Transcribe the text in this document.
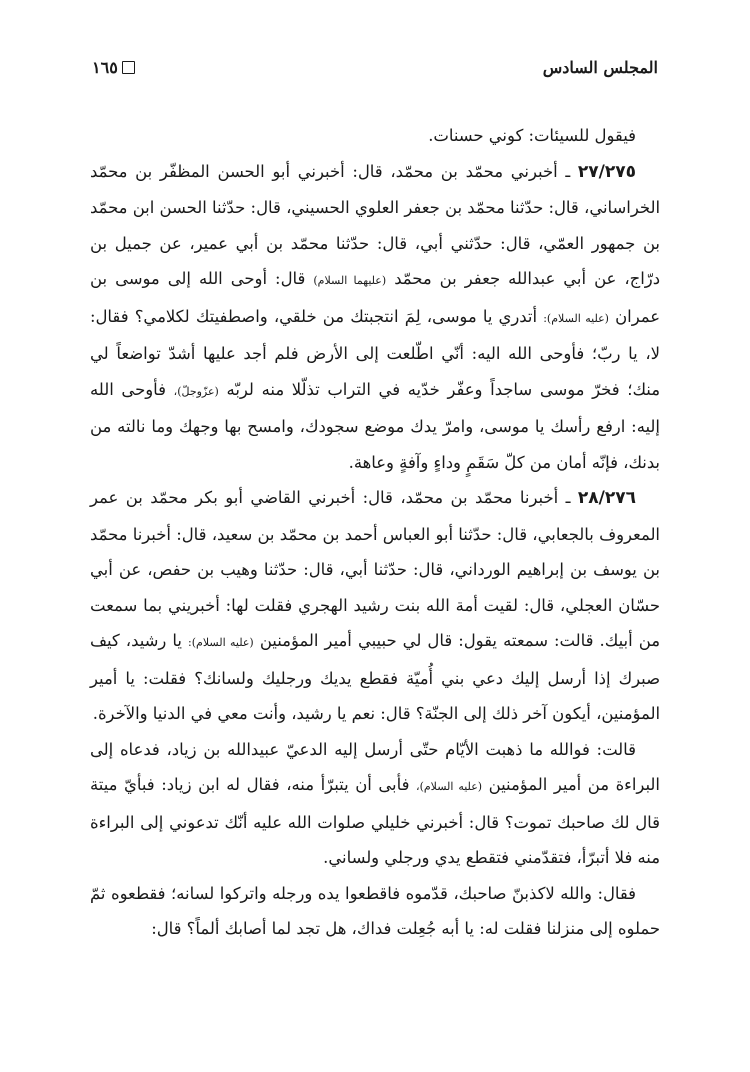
المجلس السادس
١٦٥

فيقول للسيئات: كوني حسنات.

٢٧/٢٧٥ ـ أخبرني محمّد بن محمّد، قال: أخبرني أبو الحسن المظفّر بن محمّد الخراساني، قال: حدّثنا محمّد بن جعفر العلوي الحسيني، قال: حدّثنا الحسن ابن محمّد بن جمهور العمّي، قال: حدّثني أبي، قال: حدّثنا محمّد بن أبي عمير، عن جميل بن درّاج، عن أبي عبدالله جعفر بن محمّد (عليهما السلام) قال: أوحى الله إلى موسى بن عمران (عليه السلام): أتدري يا موسى، لِمَ انتجبتك من خلقي، واصطفيتك لكلامي؟ فقال: لا، يا ربّ؛ فأوحى الله اليه: أنّي اطّلعت إلى الأرض فلم أجد عليها أشدّ تواضعاً لي منك؛ فخرّ موسى ساجداً وعفّر خدّيه في التراب تذلّلا منه لربّه (عزّوجلّ)، فأوحى الله إليه: ارفع رأسك يا موسى، وامرّ يدك موضع سجودك، وامسح بها وجهك وما نالته من بدنك، فإنّه أمان من كلّ سَقَمٍ وداءٍ وآفةٍ وعاهة.

٢٨/٢٧٦ ـ أخبرنا محمّد بن محمّد، قال: أخبرني القاضي أبو بكر محمّد بن عمر المعروف بالجعابي، قال: حدّثنا أبو العباس أحمد بن محمّد بن سعيد، قال: أخبرنا محمّد بن يوسف بن إبراهيم الورداني، قال: حدّثنا أبي، قال: حدّثنا وهيب بن حفص، عن أبي حسّان العجلي، قال: لقيت أمة الله بنت رشيد الهجري فقلت لها: أخبريني بما سمعت من أبيك. قالت: سمعته يقول: قال لي حبيبي أمير المؤمنين (عليه السلام): يا رشيد، كيف صبرك إذا أرسل إليك دعي بني أُميّة فقطع يديك ورجليك ولسانك؟ فقلت: يا أمير المؤمنين، أيكون آخر ذلك إلى الجنّة؟ قال: نعم يا رشيد، وأنت معي في الدنيا والآخرة.

قالت: فوالله ما ذهبت الأيّام حتّى أرسل إليه الدعيّ عبيدالله بن زياد، فدعاه إلى البراءة من أمير المؤمنين (عليه السلام)، فأبى أن يتبرّأ منه، فقال له ابن زياد: فبأيّ ميتة قال لك صاحبك تموت؟ قال: أخبرني خليلي صلوات الله عليه أنّك تدعوني إلى البراءة منه فلا أتبرّأ، فتقدّمني فتقطع يدي ورجلي ولساني.

فقال: والله لاكذبنّ صاحبك، قدّموه فاقطعوا يده ورجله واتركوا لسانه؛ فقطعوه ثمّ حملوه إلى منزلنا فقلت له: يا أبه جُعِلت فداك، هل تجد لما أصابك ألماً؟ قال:
